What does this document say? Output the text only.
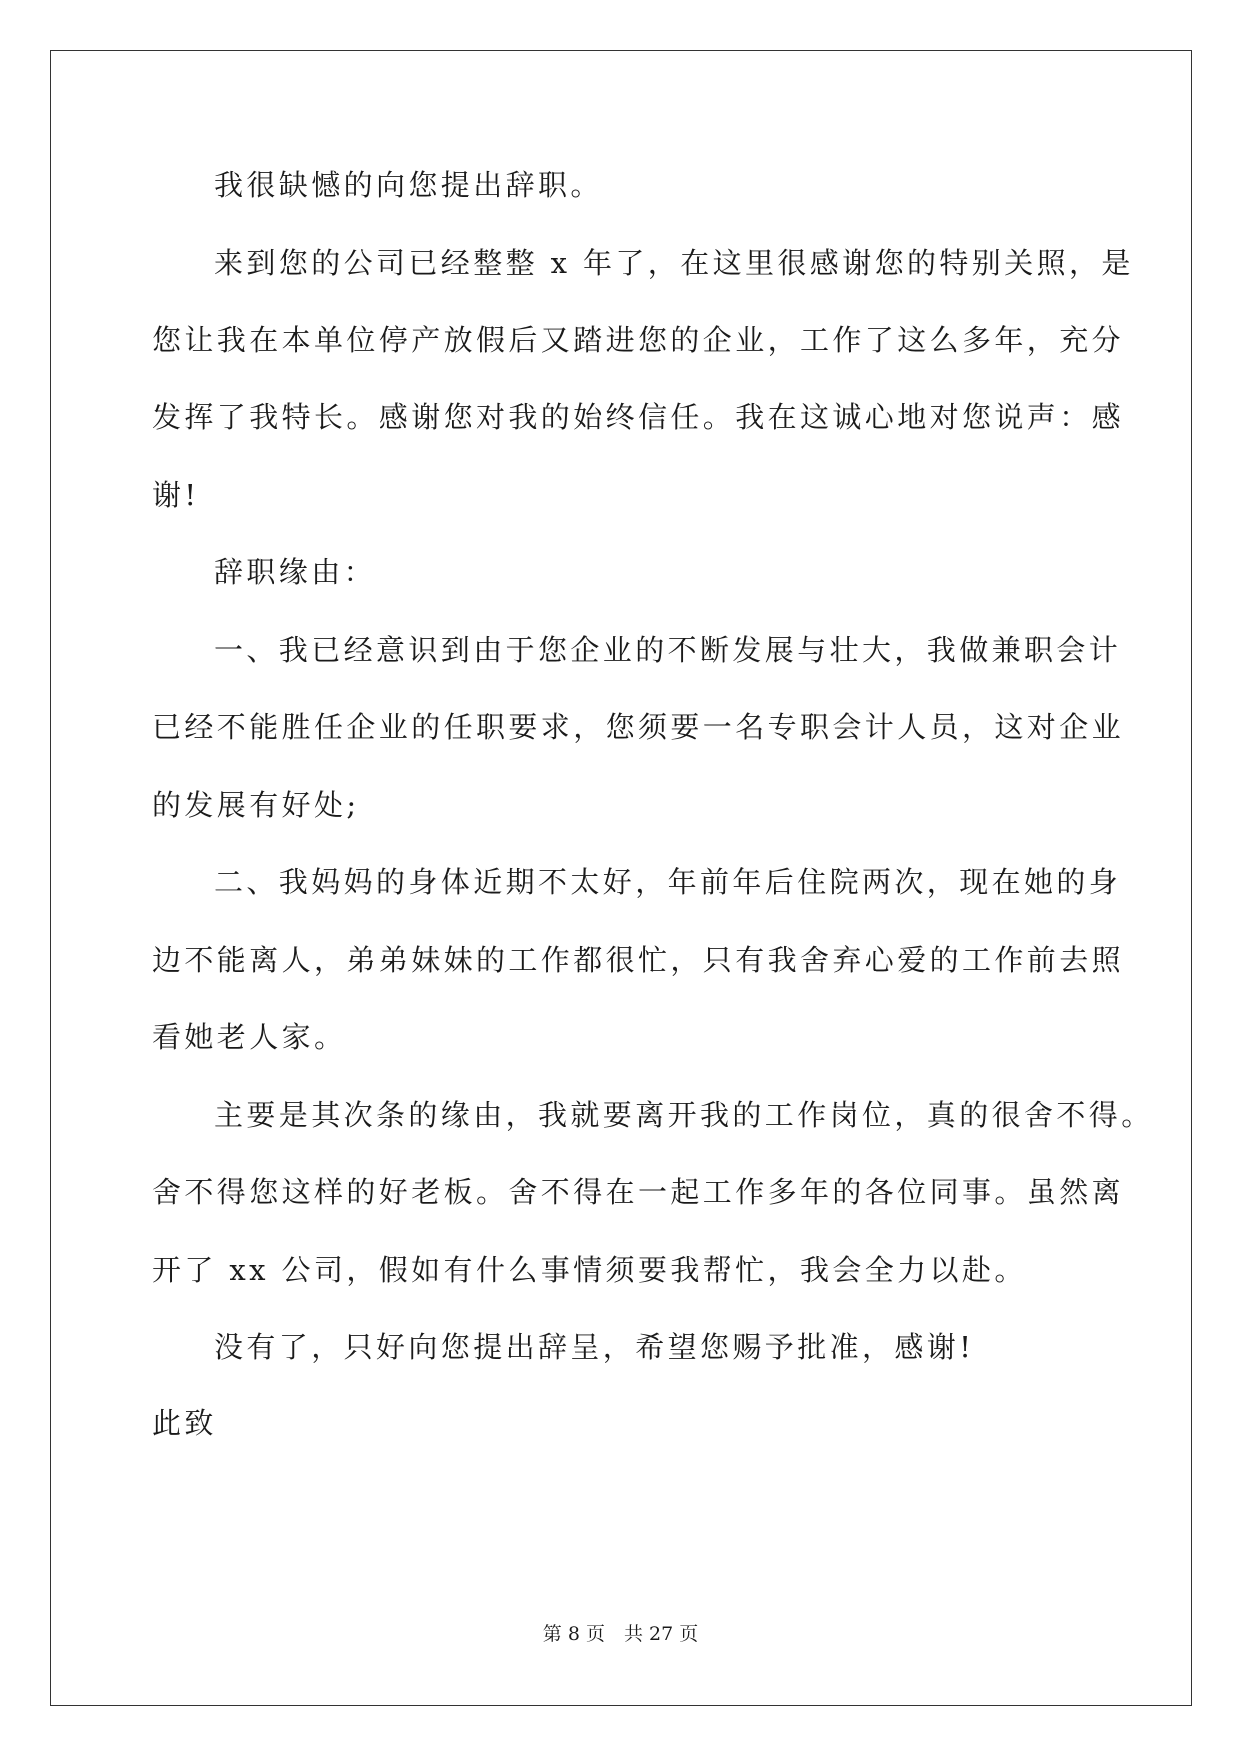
我很缺憾的向您提出辞职。
来到您的公司已经整整 x 年了，在这里很感谢您的特别关照，是
您让我在本单位停产放假后又踏进您的企业，工作了这么多年，充分
发挥了我特长。感谢您对我的始终信任。我在这诚心地对您说声：感
谢!
辞职缘由：
一、我已经意识到由于您企业的不断发展与壮大，我做兼职会计
已经不能胜任企业的任职要求，您须要一名专职会计人员，这对企业
的发展有好处;
二、我妈妈的身体近期不太好，年前年后住院两次，现在她的身
边不能离人，弟弟妹妹的工作都很忙，只有我舍弃心爱的工作前去照
看她老人家。
主要是其次条的缘由，我就要离开我的工作岗位，真的很舍不得。
舍不得您这样的好老板。舍不得在一起工作多年的各位同事。虽然离
开了 xx 公司，假如有什么事情须要我帮忙，我会全力以赴。
没有了，只好向您提出辞呈，希望您赐予批准，感谢!
此致
第 8 页　共 27 页
